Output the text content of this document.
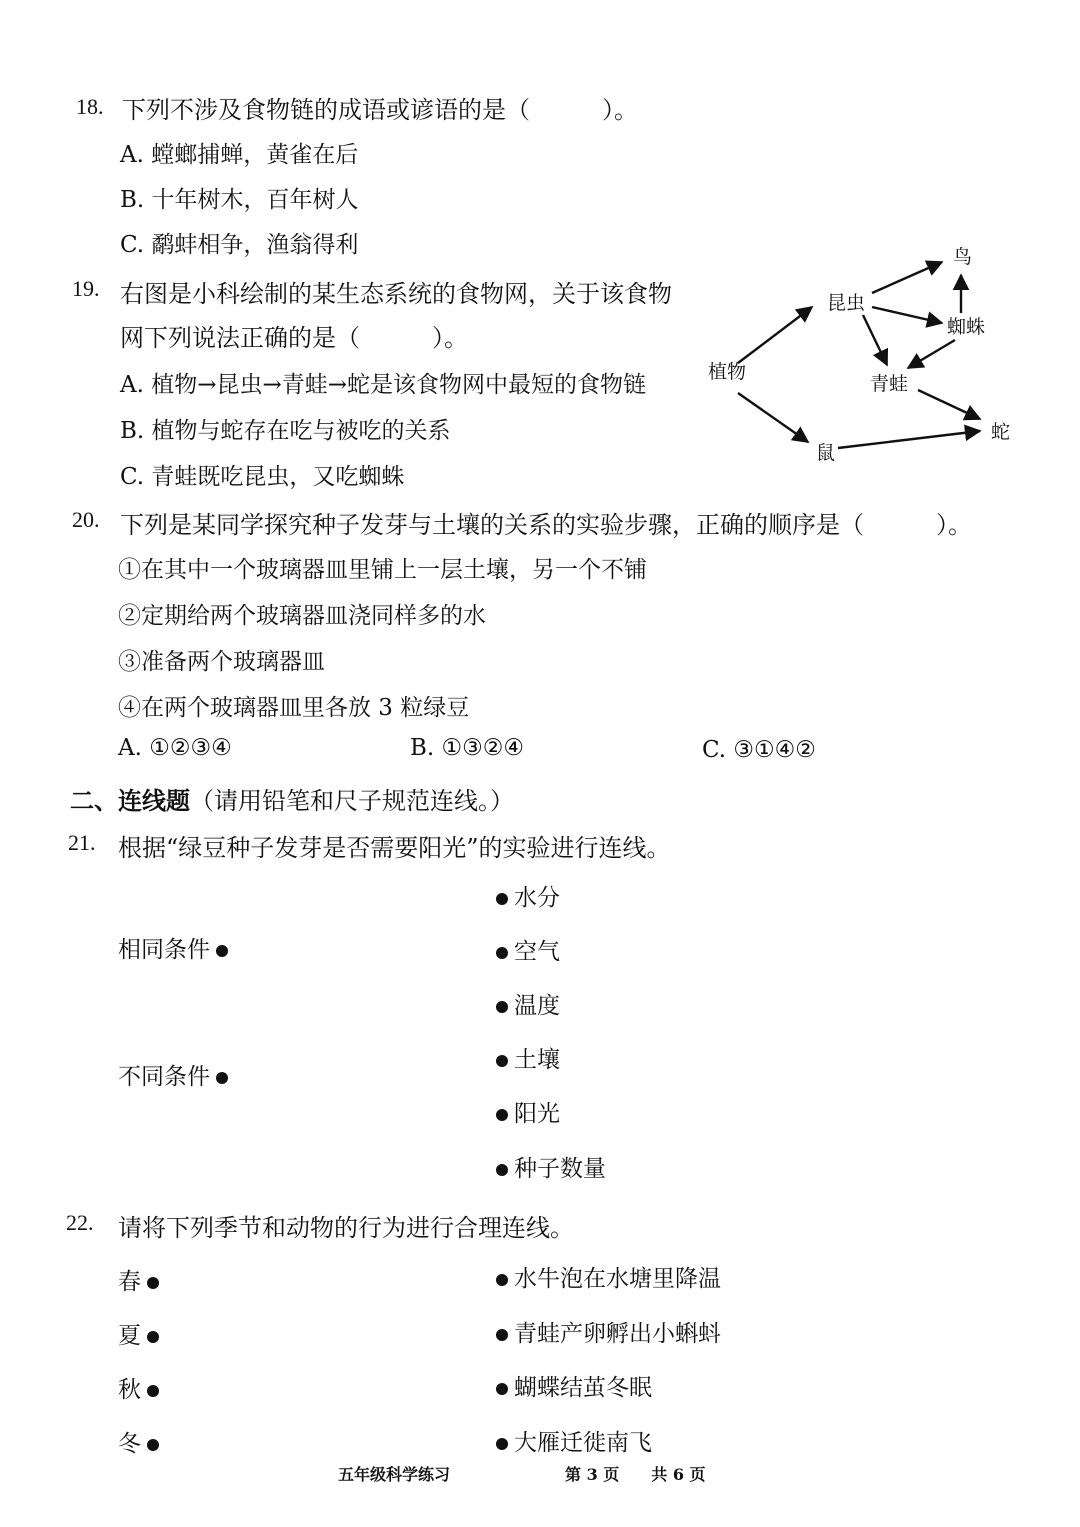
18. 下列不涉及食物链的成语或谚语的是（　　　）。
A. 螳螂捕蝉，黄雀在后
B. 十年树木，百年树人
C. 鹬蚌相争，渔翁得利
19. 右图是小科绘制的某生态系统的食物网，关于该食物
网下列说法正确的是（　　　）。
A. 植物→昆虫→青蛙→蛇是该食物网中最短的食物链
B. 植物与蛇存在吃与被吃的关系
C. 青蛙既吃昆虫，又吃蜘蛛
植物
昆虫
鸟
蜘蛛
青蛙
鼠
蛇
20. 下列是某同学探究种子发芽与土壤的关系的实验步骤，正确的顺序是（　　　）。
①在其中一个玻璃器皿里铺上一层土壤，另一个不铺
②定期给两个玻璃器皿浇同样多的水
③准备两个玻璃器皿
④在两个玻璃器皿里各放 3 粒绿豆
A. ①②③④	B. ①③②④	C. ③①④②
二、连线题（请用铅笔和尺子规范连线。）
21. 根据“绿豆种子发芽是否需要阳光”的实验进行连线。
相同条件
不同条件
水分
空气
温度
土壤
阳光
种子数量
22. 请将下列季节和动物的行为进行合理连线。
春
夏
秋
冬
水牛泡在水塘里降温
青蛙产卵孵出小蝌蚪
蝴蝶结茧冬眠
大雁迁徙南飞
五年级科学练习	第 3 页　　共 6 页
